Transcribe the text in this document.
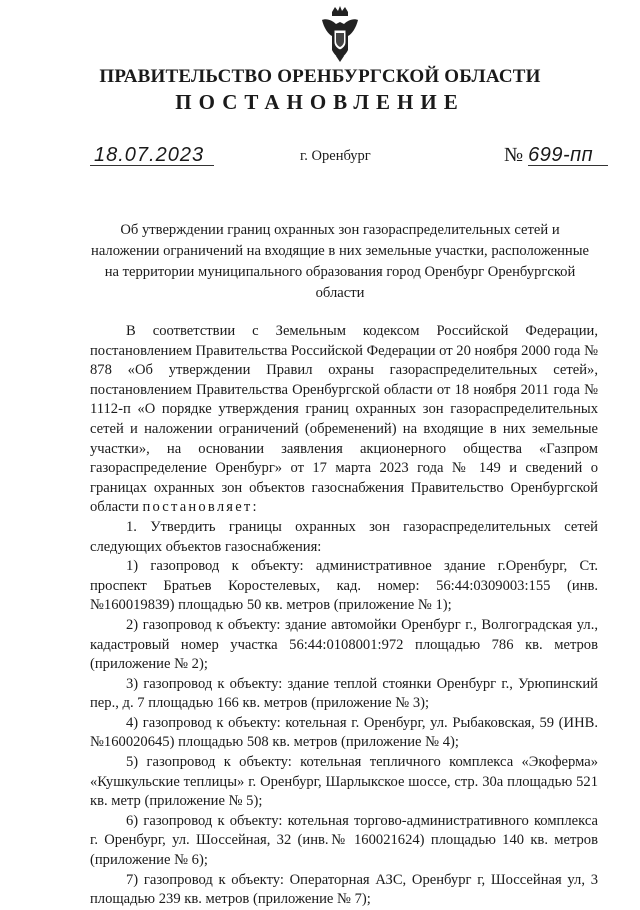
ПРАВИТЕЛЬСТВО ОРЕНБУРГСКОЙ ОБЛАСТИ
ПОСТАНОВЛЕНИЕ
18.07.2023	г. Оренбург	№ 699-пп
Об утверждении границ охранных зон газораспределительных сетей и наложении ограничений на входящие в них земельные участки, расположенные на территории муниципального образования город Оренбург Оренбургской области

В соответствии с Земельным кодексом Российской Федерации, постановлением Правительства Российской Федерации от 20 ноября 2000 года № 878 «Об утверждении Правил охраны газораспределительных сетей», постановлением Правительства Оренбургской области от 18 ноября 2011 года № 1112-п «О порядке утверждения границ охранных зон газораспределительных сетей и наложении ограничений (обременений) на входящие в них земельные участки», на основании заявления акционерного общества «Газпром газораспределение Оренбург» от 17 марта 2023 года № 149 и сведений о границах охранных зон объектов газоснабжения Правительство Оренбургской области постановляет:

1. Утвердить границы охранных зон газораспределительных сетей следующих объектов газоснабжения:

1) газопровод к объекту: административное здание г.Оренбург, Ст. проспект Братьев Коростелевых, кад. номер: 56:44:0309003:155 (инв.№160019839) площадью 50 кв. метров (приложение № 1);

2) газопровод к объекту: здание автомойки Оренбург г., Волгоградская ул., кадастровый номер участка 56:44:0108001:972 площадью 786 кв. метров (приложение № 2);

3) газопровод к объекту: здание теплой стоянки Оренбург г., Урюпинский пер., д. 7 площадью 166 кв. метров (приложение № 3);

4) газопровод к объекту: котельная г. Оренбург, ул. Рыбаковская, 59 (ИНВ. №160020645) площадью 508 кв. метров (приложение № 4);

5) газопровод к объекту: котельная тепличного комплекса «Экоферма» «Кушкульские теплицы» г. Оренбург, Шарлыкское шоссе, стр. 30а площадью 521 кв. метр (приложение № 5);

6) газопровод к объекту: котельная торгово-административного комплекса г. Оренбург, ул. Шоссейная, 32 (инв.№ 160021624) площадью 140 кв. метров (приложение № 6);

7) газопровод к объекту: Операторная АЗС, Оренбург г, Шоссейная ул, 3 площадью 239 кв. метров (приложение № 7);
